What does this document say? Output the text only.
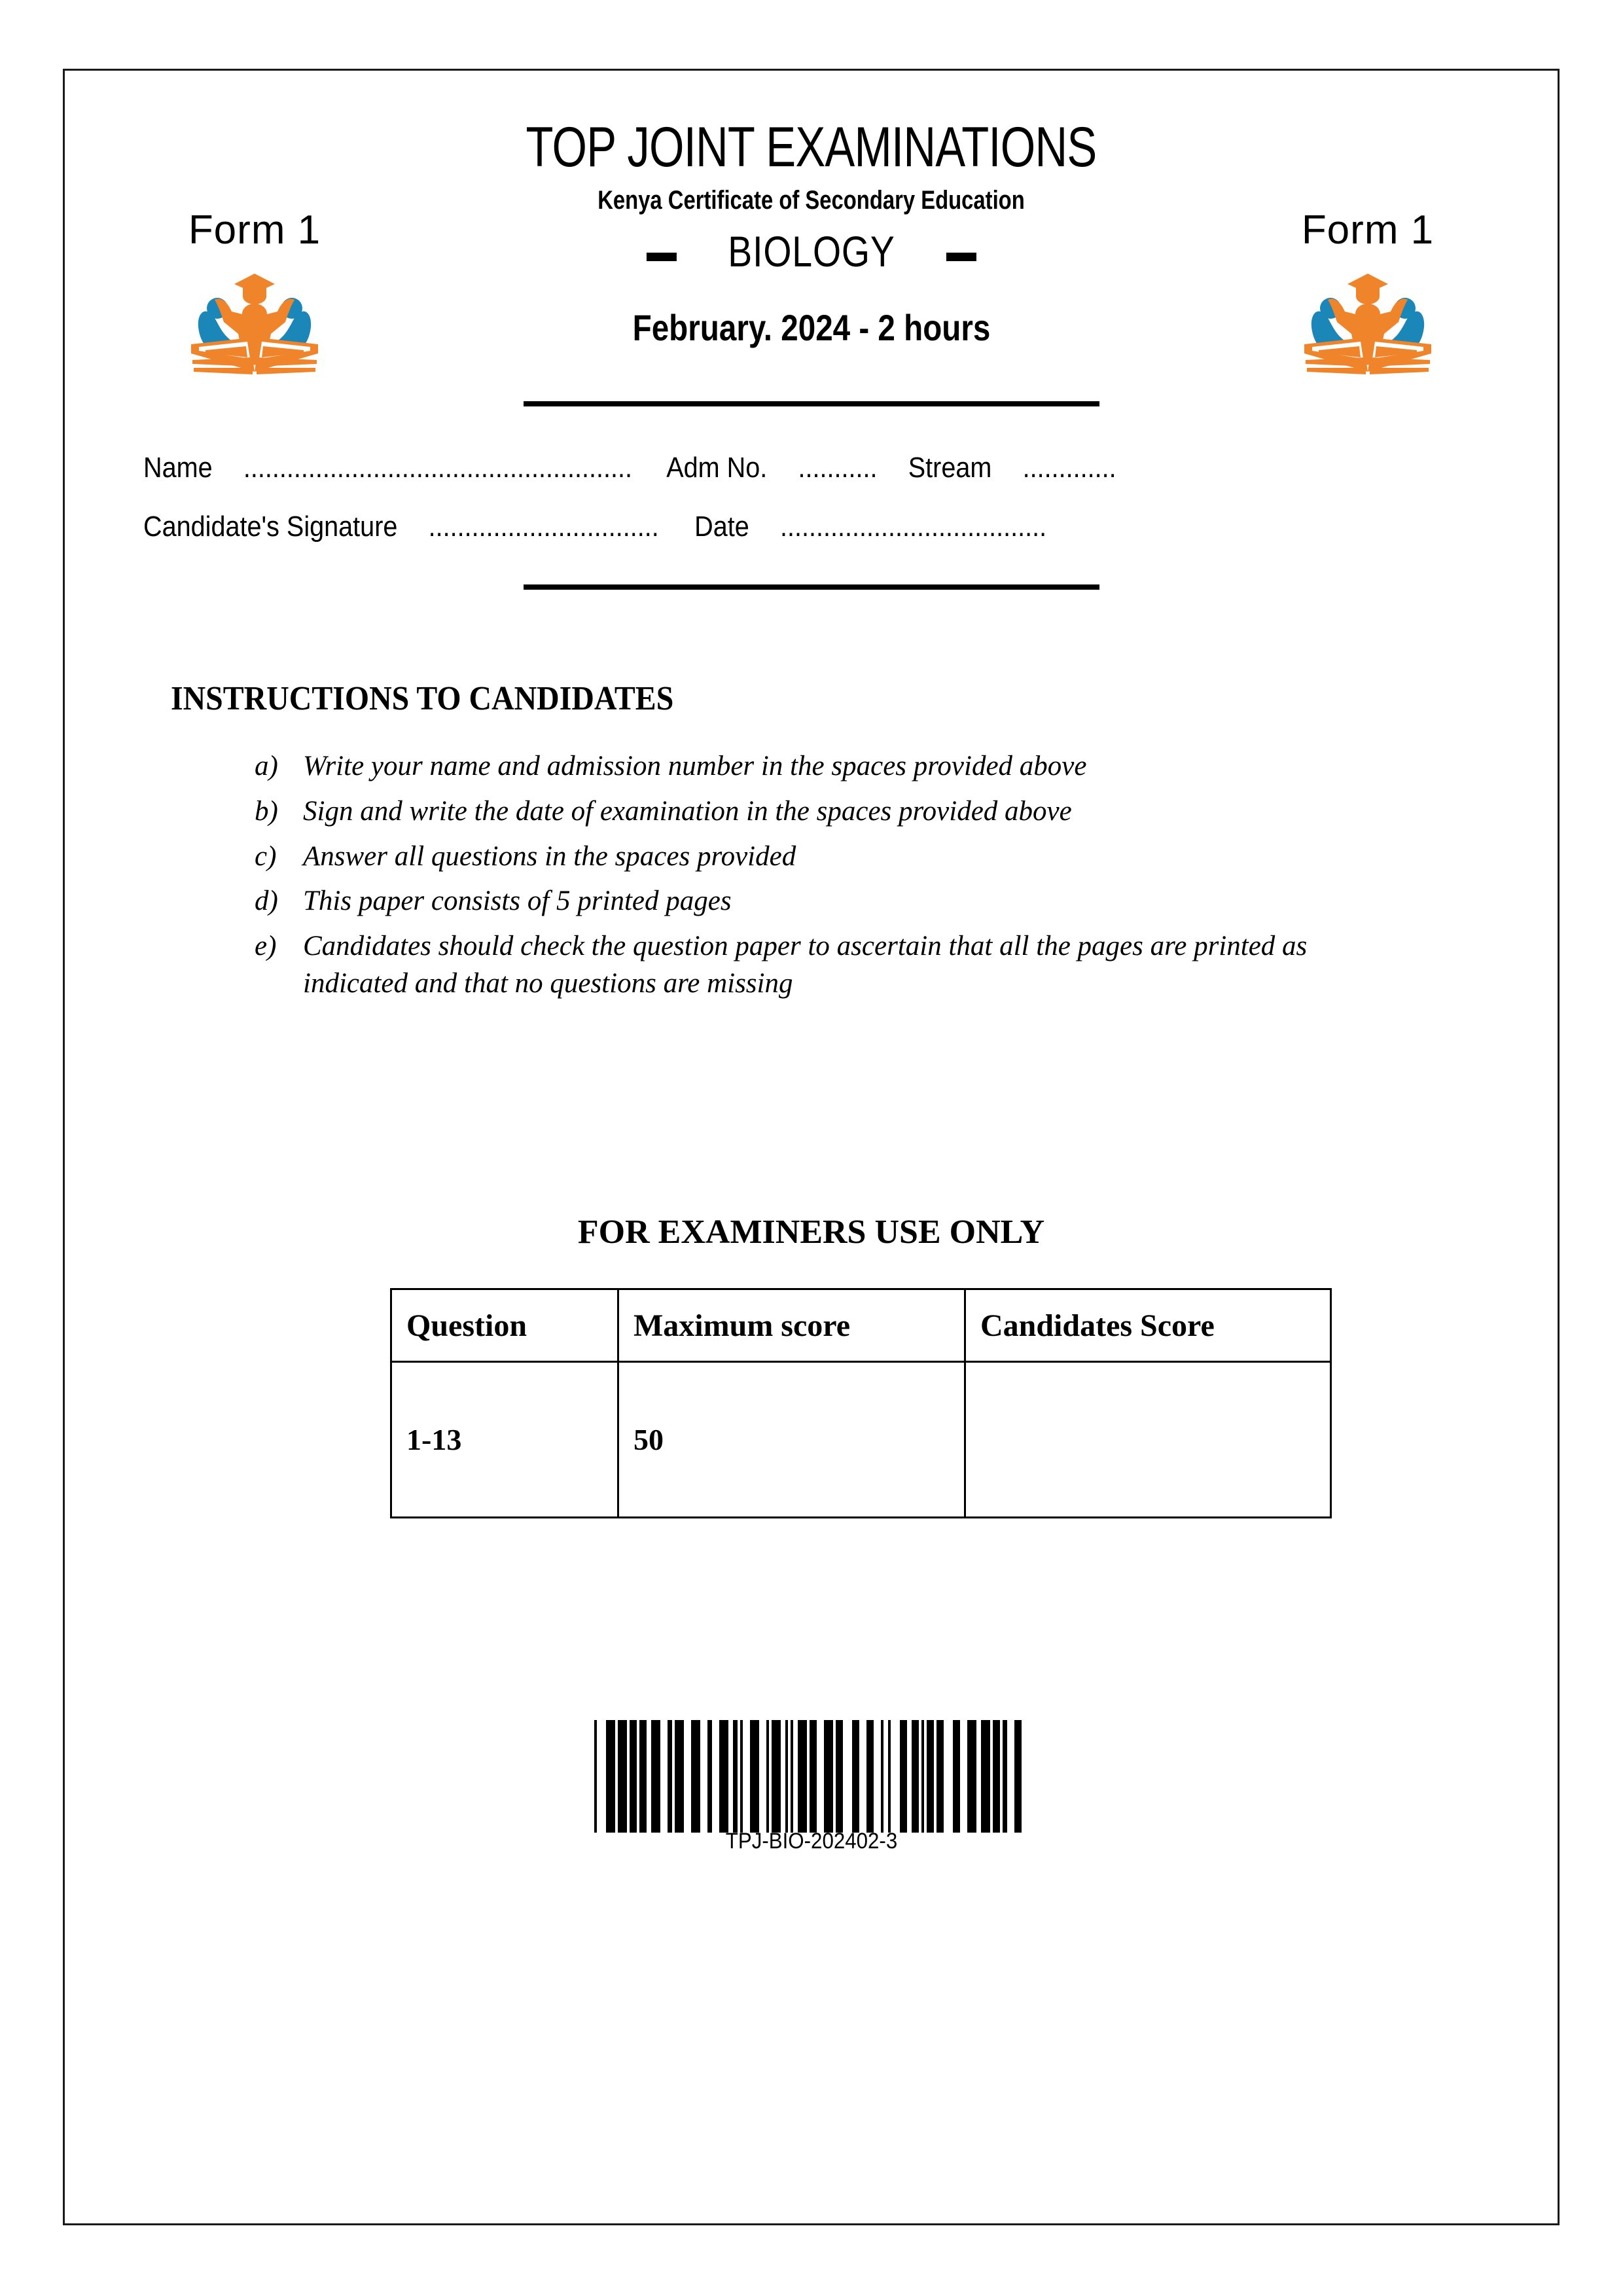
TOP JOINT EXAMINATIONS
Kenya Certificate of Secondary Education
Form 1	Form 1
BIOLOGY
February. 2024 - 2 hours
Name ...................................................... Adm No. ........... Stream .............
Candidate's Signature ................................ Date .....................................
INSTRUCTIONS TO CANDIDATES
a) Write your name and admission number in the spaces provided above
b) Sign and write the date of examination in the spaces provided above
c) Answer all questions in the spaces provided
d) This paper consists of 5 printed pages
e) Candidates should check the question paper to ascertain that all the pages are printed as indicated and that no questions are missing
FOR EXAMINERS USE ONLY
Question	Maximum score	Candidates Score
1-13	50	
TPJ-BIO-202402-3
